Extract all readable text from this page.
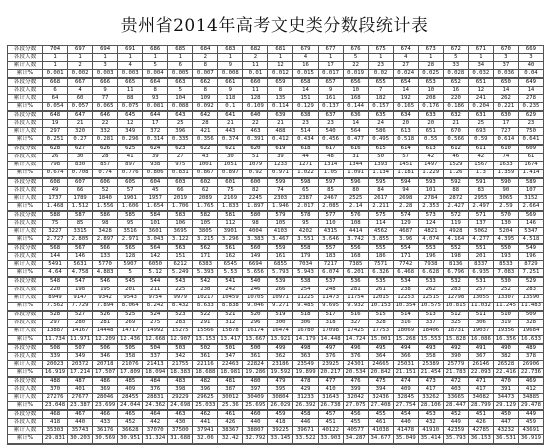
贵州省2014年高考文史类分数段统计表
各段分数	704	697	694	691	686	685	684	683	682	681	679	677	676	675	674	673	672	671	670	669
各段人数	1	1	1	1	1	1	2	1	2	1	4	1	5	1	4	1	5	1	3	3
累计人数	1	2	3	4	5	6	8	9	11	12	16	17	22	23	27	28	33	34	37	40
累计%	0.001	0.002	0.003	0.003	0.004	0.005	0.007	0.008	0.01	0.012	0.015	0.017	0.019	0.02	0.024	0.025	0.028	0.032	0.036	0.04
各段分数	668	667	666	665	664	663	662	661	660	659	658	657	656	655	654	653	652	651	650	649
各段人数	6	4	9	11	8	5	8	9	11	8	14	9	10	7	14	10	16	12	14	14
累计人数	64	60	77	88	93	104	109	118	128	135	151	161	168	182	192	208	220	241	262	278
累计%	0.054	0.057	0.065	0.075	0.081	0.088	0.092	0.1	0.109	0.114	0.129	0.137	0.144	0.157	0.165	0.176	0.186	0.204	0.221	0.235
各段分数	648	647	646	645	644	643	642	641	640	639	638	637	636	635	634	633	632	631	630	629
各段人数	19	21	22	12	17	25	28	21	22	21	23	23	14	24	20	20	21	25	17	23
累计人数	297	320	332	349	372	396	421	443	463	488	514	540	564	586	613	651	670	693	727	750
累计%	0.251	0.27	0.281	0.296	0.314	0.335	0.356	0.374	0.391	0.412	0.434	0.456	0.477	0.495	0.518	0.55	0.566	0.59	0.614	0.641
各段分数	628	627	626	625	624	623	622	621	620	619	618	617	616	615	614	613	612	611	610	609
各段人数	26	30	28	41	39	27	43	30	51	39	44	48	31	50	57	42	46	42	74	61
累计人数	798	830	857	897	938	975	1001	1051	1079	1233	1271	1314	1344	1393	1451	1497	1529	1567	1633	1674
累计%	0.674	0.708	0.74	0.776	0.806	0.831	0.867	0.897	0.92	0.971	1.022	1.05	1.091	1.134	1.181	1.229	1.26	1.3	1.359	1.414
各段分数	608	607	606	605	604	603	602	601	600	599	598	597	596	595	594	593	592	591	590	589
各段人数	49	66	52	57	45	66	62	75	82	74	65	85	80	84	94	101	88	83	90	107
累计人数	1737	1789	1840	1901	1957	2019	2089	2169	2245	2303	2387	2467	2525	2617	2698	2784	2872	2955	3065	3152
累计%	1.468	1.512	1.556	1.606	1.654	1.706	1.765	1.833	1.897	1.946	2.017	2.085	2.14	2.211	2.28	2.353	2.427	2.497	2.59	2.664
各段分数	588	587	586	585	584	583	582	581	580	579	578	577	576	575	574	573	572	571	570	569
各段人数	75	85	98	95	101	106	105	112	98	105	95	110	108	114	129	124	119	137	130	146
累计人数	3227	3315	3428	3516	3601	3695	3805	3901	4004	4103	4202	4315	4414	4562	4687	4821	4928	5062	5204	5347
累计%	2.727	2.805	2.897	2.971	3.043	3.122	3.215	3.296	3.383	3.467	3.551	3.646	3.742	3.855	3.96	4.074	4.164	4.277	4.395	4.518
各段分数	568	567	566	565	564	563	562	561	560	559	558	557	556	555	554	553	552	551	550	549
各段人数	144	146	133	128	142	151	171	162	149	161	179	183	168	186	171	196	198	201	193	196
累计人数	5491	5631	5770	5907	6050	6212	6383	6545	6694	6855	7034	7217	7385	7571	7742	7938	8136	8337	8533	8729
累计%	4.64	4.758	4.883	5	5.12	5.249	5.393	5.53	5.656	5.793	5.943	6.074	6.201	6.326	6.468	6.628	6.796	6.935	7.083	7.251
各段分数	548	547	546	545	544	543	542	541	540	539	538	537	536	535	534	533	532	531	530	529
各段人数	220	198	195	201	211	225	238	242	246	266	254	248	281	261	238	262	283	257	252	283
累计人数	8949	9147	9342	9543	9754	9979	10217	10459	10705	10971	11225	11473	11754	12015	12253	12515	12798	13055	13307	13590
累计%	7.562	7.729	7.894	8.064	8.242	8.432	8.633	8.838	9.046	9.271	9.485	9.695	9.932	10.153	10.354	10.575	10.815	11.032	11.245	11.483
各段分数	528	527	526	525	524	523	522	521	520	519	518	517	516	515	514	513	512	511	510	509
各段人数	297	280	281	269	275	283	291	312	296	300	306	318	327	328	316	337	325	306	319	328
累计人数	13887	14167	14448	14717	14992	15275	15566	15878	16174	16474	16780	17098	17425	17753	18069	18406	18731	19037	19356	19684
累计%	11.734	11.971	12.209	12.436	12.668	12.907	13.153	13.417	13.667	13.921	14.179	14.448	14.724	15.001	15.268	15.553	15.828	16.086	16.356	16.633
各段分数	508	507	506	505	504	503	502	501	500	499	498	497	496	495	494	493	492	491	490	489
各段人数	339	349	346	358	337	342	361	347	361	362	363	376	376	364	366	358	390	367	382	378
累计人数	20023	20372	20718	21076	21413	21755	22116	22463	22824	23186	23549	23925	24301	24665	25031	25389	25779	26146	26528	26906
累计%	16.919	17.214	17.507	17.809	18.094	18.383	18.688	18.981	19.286	19.592	19.899	20.217	20.534	20.842	21.151	21.454	21.783	22.093	22.416	22.736
各段分数	488	487	486	485	484	483	482	481	480	479	478	477	476	475	474	473	472	471	470	469
各段人数	370	401	369	409	376	398	396	387	397	395	429	410	399	394	409	417	403	417	391	412
累计人数	27276	27677	28046	28455	28831	29229	29625	30012	30409	30804	31233	31643	32042	32436	32845	33262	33665	34082	34473	34885
累计%	23.048	23.387	23.699	24.044	24.362	24.698	25.033	25.36	25.695	26.029	26.392	26.738	27.075	27.408	27.754	28.106	28.447	28.799	29.129	29.478
各段分数	468	467	466	465	464	463	462	461	460	459	458	457	456	455	454	453	452	451	450	449
各段人数	418	440	433	452	442	430	441	426	440	418	446	451	455	461	440	432	449	426	447	459
累计人数	35303	35743	36176	36628	37070	37500	37941	38367	38807	39225	39671	40122	40577	41038	41478	41910	42359	42785	43232	43691
累计%	29.831	30.203	30.569	30.951	31.324	31.688	32.06	32.42	32.792	33.145	33.522	33.903	34.287	34.677	35.049	35.414	35.793	36.153	36.531	36.919
